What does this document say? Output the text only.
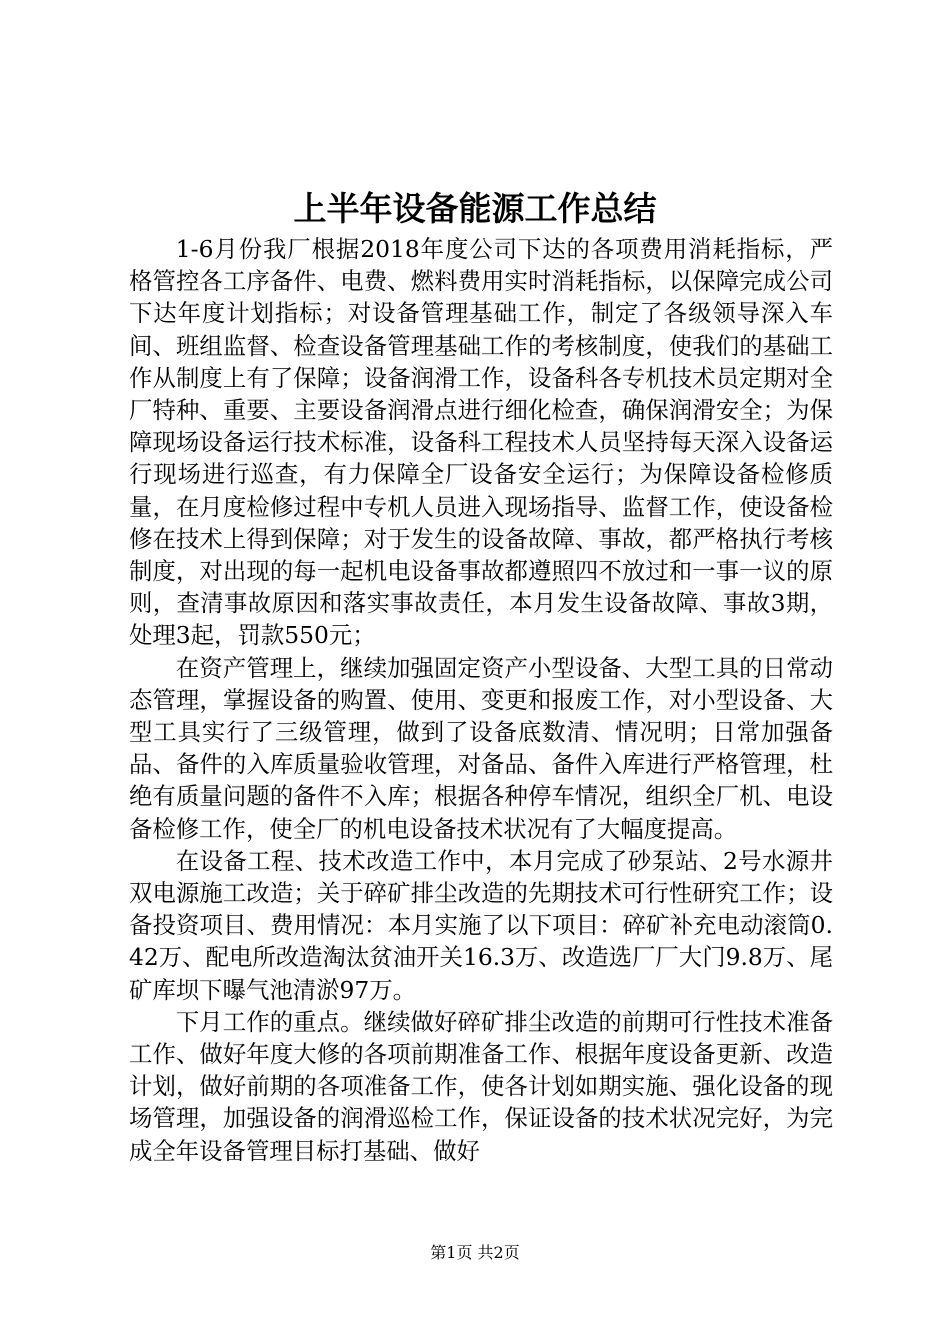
上半年设备能源工作总结

1-6月份我厂根据2018年度公司下达的各项费用消耗指标，严格管控各工序备件、电费、燃料费用实时消耗指标，以保障完成公司下达年度计划指标；对设备管理基础工作，制定了各级领导深入车间、班组监督、检查设备管理基础工作的考核制度，使我们的基础工作从制度上有了保障；设备润滑工作，设备科各专机技术员定期对全厂特种、重要、主要设备润滑点进行细化检查，确保润滑安全；为保障现场设备运行技术标准，设备科工程技术人员坚持每天深入设备运行现场进行巡查，有力保障全厂设备安全运行；为保障设备检修质量，在月度检修过程中专机人员进入现场指导、监督工作，使设备检修在技术上得到保障；对于发生的设备故障、事故，都严格执行考核制度，对出现的每一起机电设备事故都遵照四不放过和一事一议的原则，查清事故原因和落实事故责任，本月发生设备故障、事故3期，处理3起，罚款550元；

在资产管理上，继续加强固定资产小型设备、大型工具的日常动态管理，掌握设备的购置、使用、变更和报废工作，对小型设备、大型工具实行了三级管理，做到了设备底数清、情况明；日常加强备品、备件的入库质量验收管理，对备品、备件入库进行严格管理，杜绝有质量问题的备件不入库；根据各种停车情况，组织全厂机、电设备检修工作，使全厂的机电设备技术状况有了大幅度提高。

在设备工程、技术改造工作中，本月完成了砂泵站、2号水源井双电源施工改造；关于碎矿排尘改造的先期技术可行性研究工作；设备投资项目、费用情况：本月实施了以下项目：碎矿补充电动滚筒0.42万、配电所改造淘汰贫油开关16.3万、改造选厂厂大门9.8万、尾矿库坝下曝气池清淤97万。

下月工作的重点。继续做好碎矿排尘改造的前期可行性技术准备工作、做好年度大修的各项前期准备工作、根据年度设备更新、改造计划，做好前期的各项准备工作，使各计划如期实施、强化设备的现场管理，加强设备的润滑巡检工作，保证设备的技术状况完好，为完成全年设备管理目标打基础、做好

第1页 共2页
